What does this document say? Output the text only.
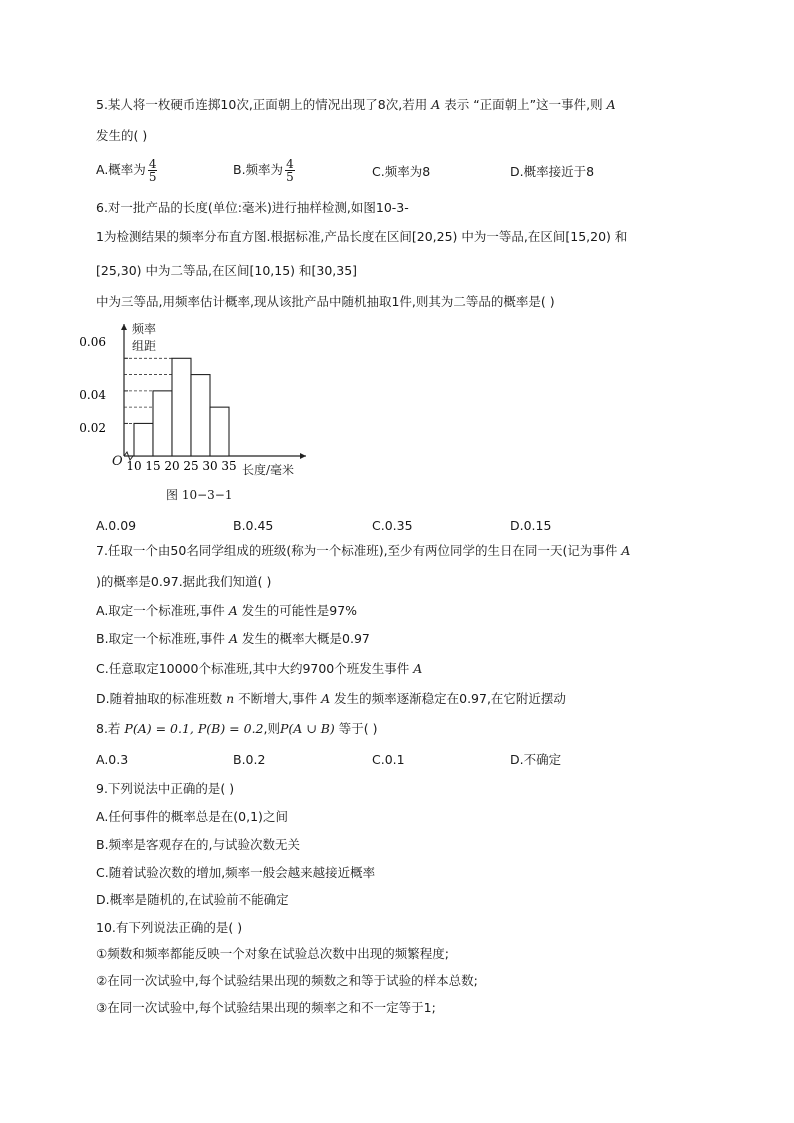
5.某人将一枚硬币连掷10次,正面朝上的情况出现了8次,若用 A 表示 “正面朝上”这一事件,则 A
发生的( )
A.概率为 $\frac{4}{5}$	B.频率为 $\frac{4}{5}$	C.频率为8	D.概率接近于8
6.对一批产品的长度(单位:毫米)进行抽样检测,如图10-3-
1为检测结果的频率分布直方图.根据标准,产品长度在区间[20,25) 中为一等品,在区间[15,20) 和
[25,30) 中为二等品,在区间[10,15) 和[30,35]
中为三等品,用频率估计概率,现从该批产品中随机抽取1件,则其为二等品的概率是( )
10 15 20 25 30 35
0.06
0.04
0.02
频率
组距
O
长度/毫米
图 10−3−1
A.0.09	B.0.45	C.0.35	D.0.15
7.任取一个由50名同学组成的班级(称为一个标准班),至少有两位同学的生日在同一天(记为事件 A
)的概率是0.97.据此我们知道( )
A.取定一个标准班,事件 A 发生的可能性是97%
B.取定一个标准班,事件 A 发生的概率大概是0.97
C.任意取定10000个标准班,其中大约9700个班发生事件 A
D.随着抽取的标准班数 n 不断增大,事件 A 发生的频率逐渐稳定在0.97,在它附近摆动
8.若 P(A) = 0.1, P(B) = 0.2,则P(A ∪ B) 等于( )
A.0.3	B.0.2	C.0.1	D.不确定
9.下列说法中正确的是( )
A.任何事件的概率总是在(0,1)之间
B.频率是客观存在的,与试验次数无关
C.随着试验次数的增加,频率一般会越来越接近概率
D.概率是随机的,在试验前不能确定
10.有下列说法正确的是( )
①频数和频率都能反映一个对象在试验总次数中出现的频繁程度;
②在同一次试验中,每个试验结果出现的频数之和等于试验的样本总数;
③在同一次试验中,每个试验结果出现的频率之和不一定等于1;
